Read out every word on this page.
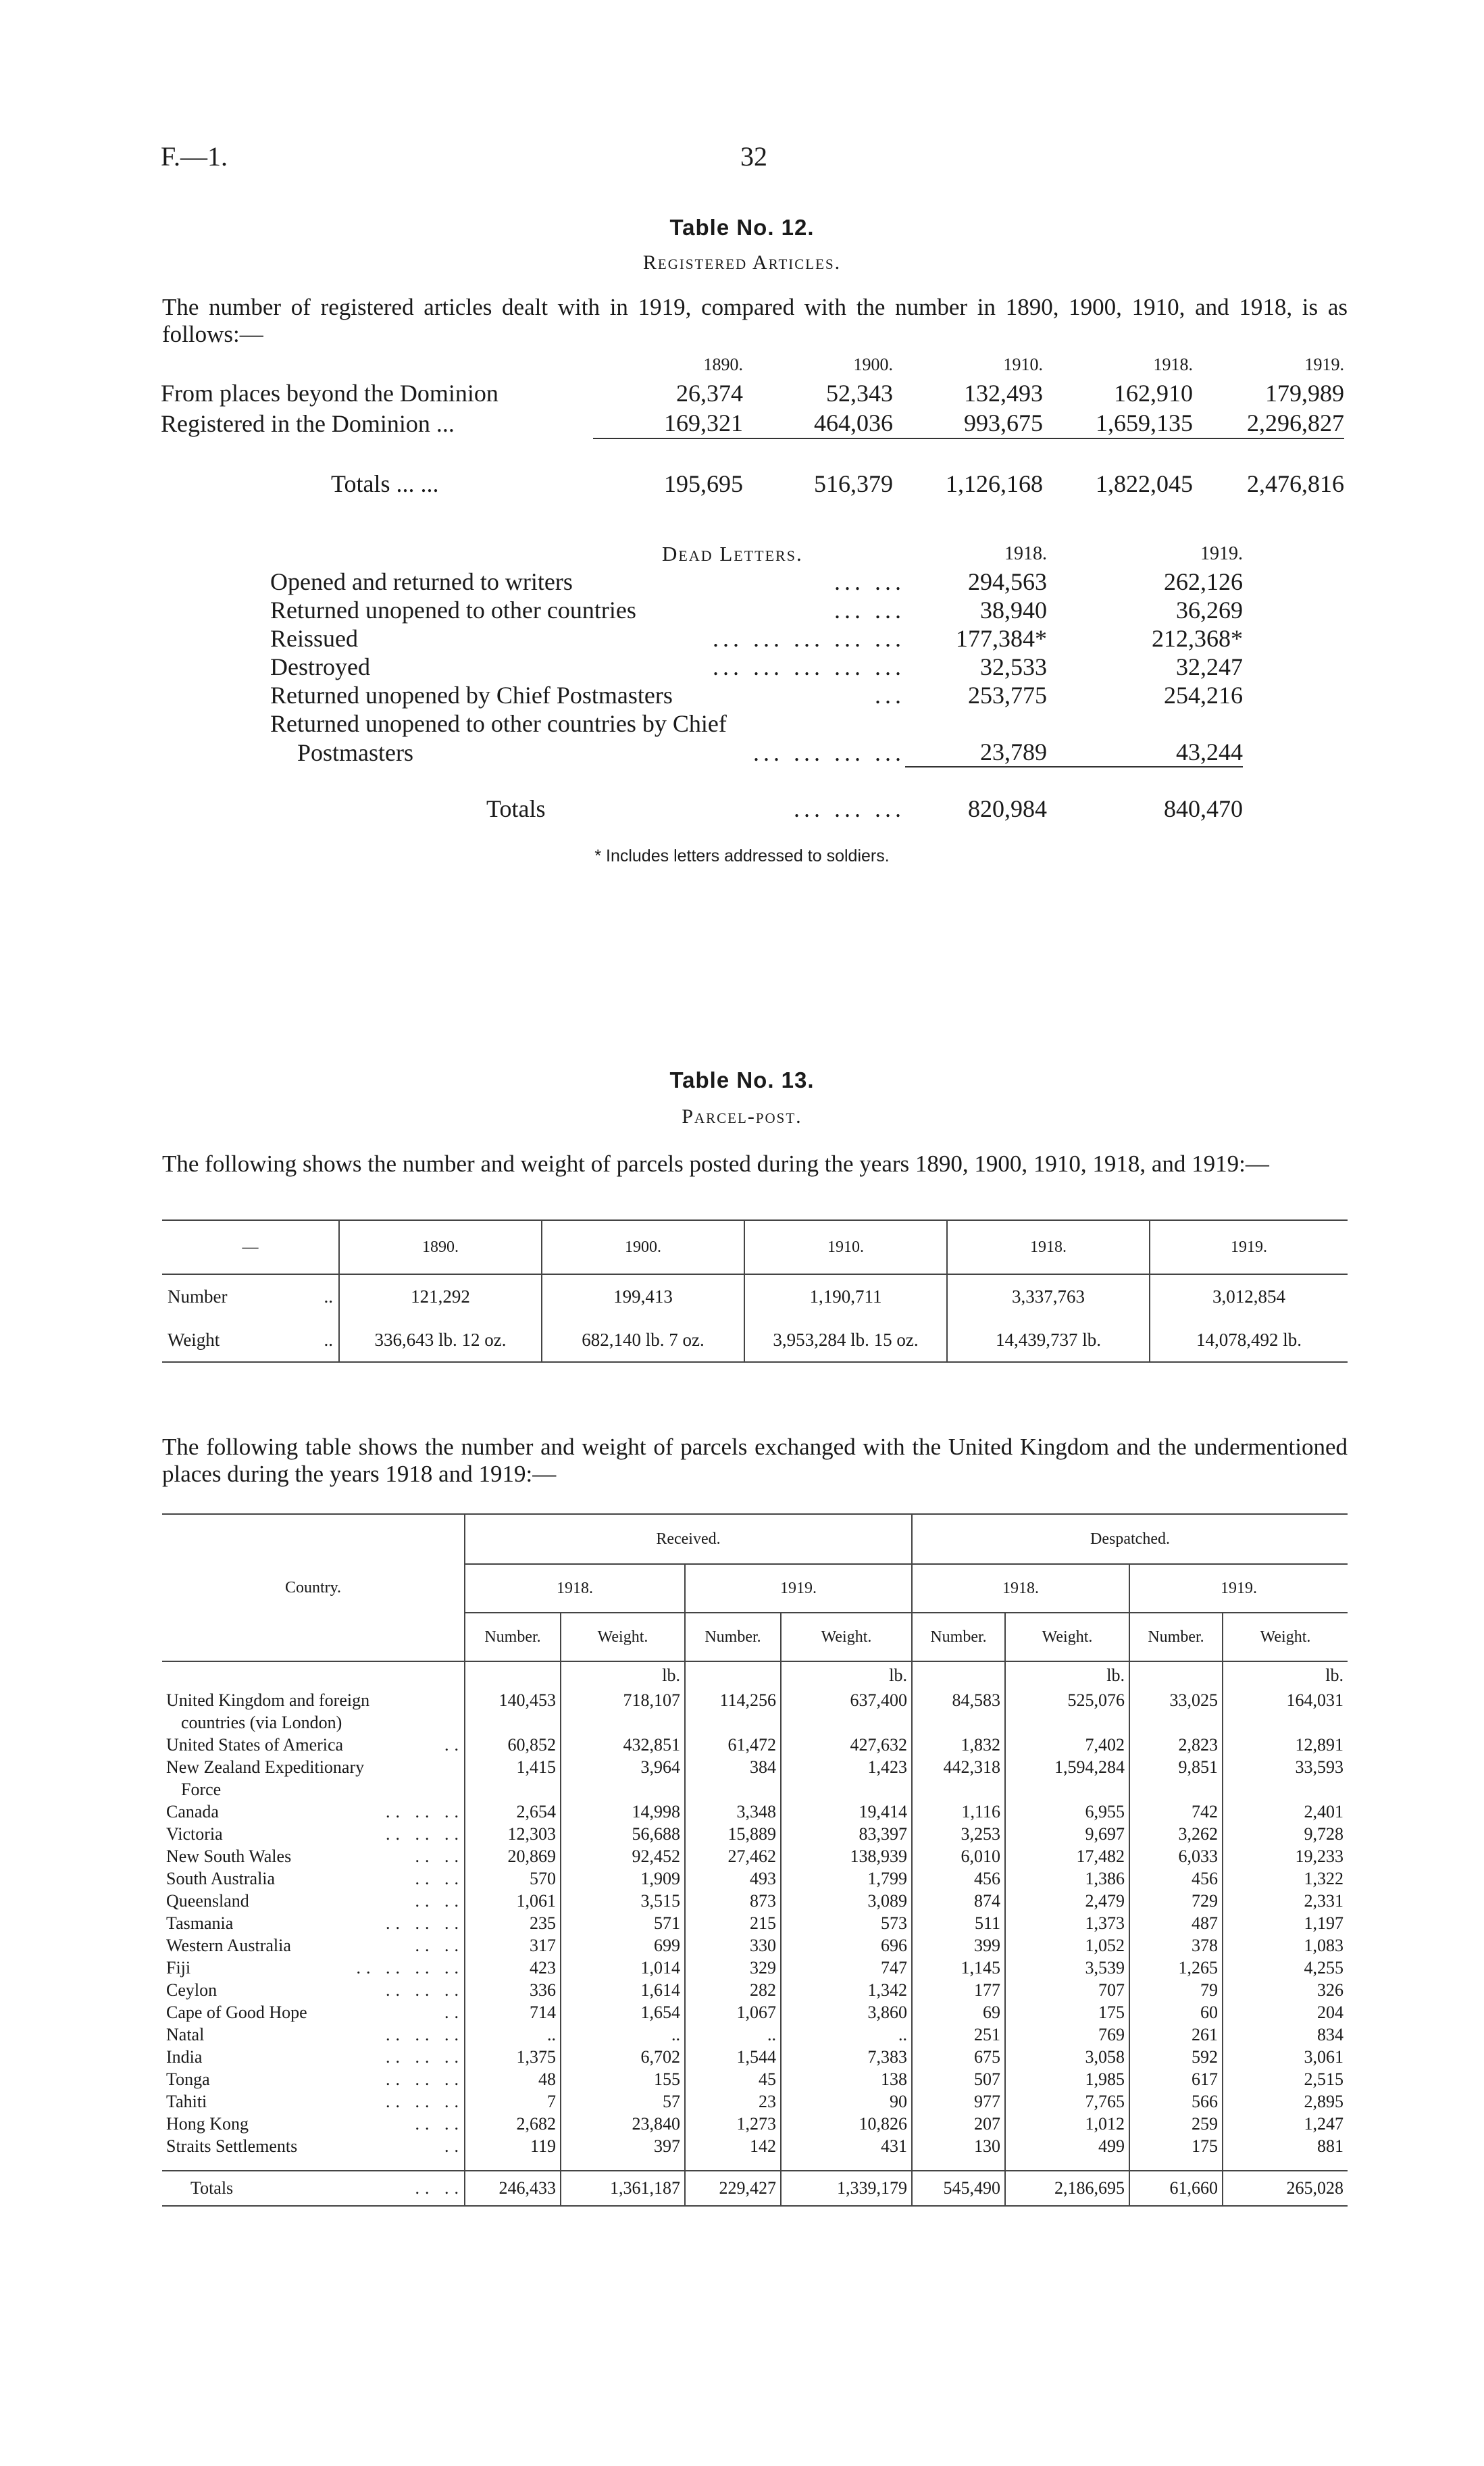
F.—1.	32
Table No. 12.
Registered Articles.
The number of registered articles dealt with in 1919, compared with the number in 1890, 1900, 1910, and 1918, is as follows:—
	1890.	1900.	1910.	1918.	1919.
From places beyond the Dominion	26,374	52,343	132,493	162,910	179,989
Registered in the Dominion ...	169,321	464,036	993,675	1,659,135	2,296,827

Totals ... ...	195,695	516,379	1,126,168	1,822,045	2,476,816
Dead Letters.	1918.	1919.
Opened and returned to writers ... ...	294,563	262,126
Returned unopened to other countries ... ...	38,940	36,269
Reissued ... ... ... ... ...	177,384*	212,368*
Destroyed ... ... ... ... ...	32,533	32,247
Returned unopened by Chief Postmasters ...	253,775	254,216
Returned unopened to other countries by Chief		
Postmasters ... ... ... ...	23,789	43,244

Totals ... ... ...	820,984	840,470
* Includes letters addressed to soldiers.
Table No. 13.
Parcel-post.
The following shows the number and weight of parcels posted during the years 1890, 1900, 1910, 1918, and 1919:—
—	1890.	1900.	1910.	1918.	1919.
Number ..	121,292	199,413	1,190,711	3,337,763	3,012,854
Weight ..	336,643 lb. 12 oz.	682,140 lb. 7 oz.	3,953,284 lb. 15 oz.	14,439,737 lb.	14,078,492 lb.
The following table shows the number and weight of parcels exchanged with the United Kingdom and the undermentioned places during the years 1918 and 1919:—
Country.	Received.				Despatched.			
	1918.		1919.		1918.		1919.	
	Number.	Weight.	Number.	Weight.	Number.	Weight.	Number.	Weight.
		lb.		lb.		lb.		lb.
United Kingdom and foreign	140,453	718,107	114,256	637,400	84,583	525,076	33,025	164,031
countries (via London)								
United States of America ..	60,852	432,851	61,472	427,632	1,832	7,402	2,823	12,891
New Zealand Expeditionary	1,415	3,964	384	1,423	442,318	1,594,284	9,851	33,593
Force								
Canada .. .. ..	2,654	14,998	3,348	19,414	1,116	6,955	742	2,401
Victoria .. .. ..	12,303	56,688	15,889	83,397	3,253	9,697	3,262	9,728
New South Wales .. ..	20,869	92,452	27,462	138,939	6,010	17,482	6,033	19,233
South Australia .. ..	570	1,909	493	1,799	456	1,386	456	1,322
Queensland .. ..	1,061	3,515	873	3,089	874	2,479	729	2,331
Tasmania .. .. ..	235	571	215	573	511	1,373	487	1,197
Western Australia .. ..	317	699	330	696	399	1,052	378	1,083
Fiji .. .. .. ..	423	1,014	329	747	1,145	3,539	1,265	4,255
Ceylon .. .. ..	336	1,614	282	1,342	177	707	79	326
Cape of Good Hope ..	714	1,654	1,067	3,860	69	175	60	204
Natal .. .. ..	..	..	..	..	251	769	261	834
India .. .. ..	1,375	6,702	1,544	7,383	675	3,058	592	3,061
Tonga .. .. ..	48	155	45	138	507	1,985	617	2,515
Tahiti .. .. ..	7	57	23	90	977	7,765	566	2,895
Hong Kong .. ..	2,682	23,840	1,273	10,826	207	1,012	259	1,247
Straits Settlements ..	119	397	142	431	130	499	175	881

Totals .. ..	246,433	1,361,187	229,427	1,339,179	545,490	2,186,695	61,660	265,028
